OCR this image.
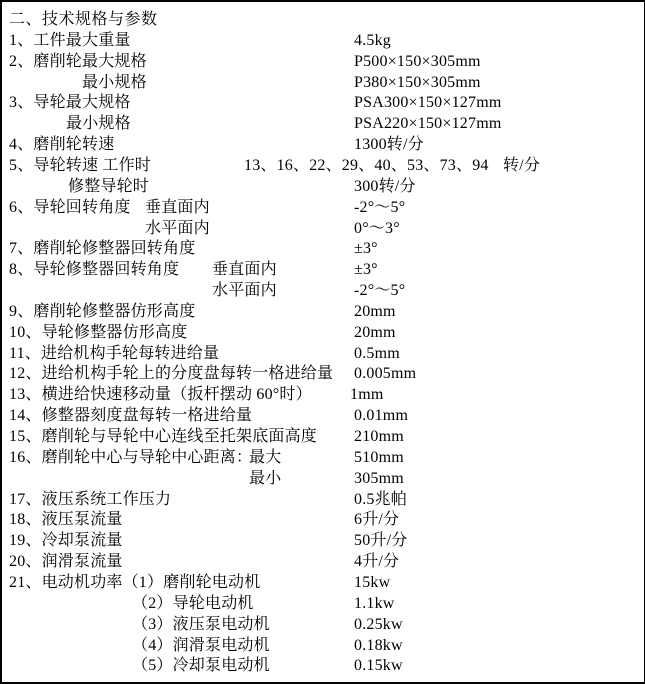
二、技术规格与参数
1、工件最大重量	4.5kg
2、磨削轮最大规格	P500×150×305mm
最小规格	P380×150×305mm
3、导轮最大规格	PSA300×150×127mm
最小规格	PSA220×150×127mm
4、磨削轮转速	1300转/分
5、导轮转速 工作时	13、16、22、29、40、53、73、94 转/分
修整导轮时	300转/分
6、导轮回转角度 垂直面内	-2°～5°
水平面内	0°～3°
7、磨削轮修整器回转角度	±3°
8、导轮修整器回转角度 垂直面内	±3°
水平面内	-2°～5°
9、磨削轮修整器仿形高度	20mm
10、导轮修整器仿形高度	20mm
11、进给机构手轮每转进给量	0.5mm
12、进给机构手轮上的分度盘每转一格进给量 0.005mm
13、横进给快速移动量（扳杆摆动 60°时） 1mm
14、修整器刻度盘每转一格进给量	0.01mm
15、磨削轮与导轮中心连线至托架底面高度 210mm
16、磨削轮中心与导轮中心距离：
最大	510mm
最小	305mm
17、液压系统工作压力	0.5兆帕
18、液压泵流量	6升/分
19、冷却泵流量	50升/分
20、润滑泵流量	4升/分
21、电动机功率（1）磨削轮电动机	15kw
（2）导轮电动机	1.1kw
（3）液压泵电动机	0.25kw
（4）润滑泵电动机	0.18kw
（5）冷却泵电动机	0.15kw
